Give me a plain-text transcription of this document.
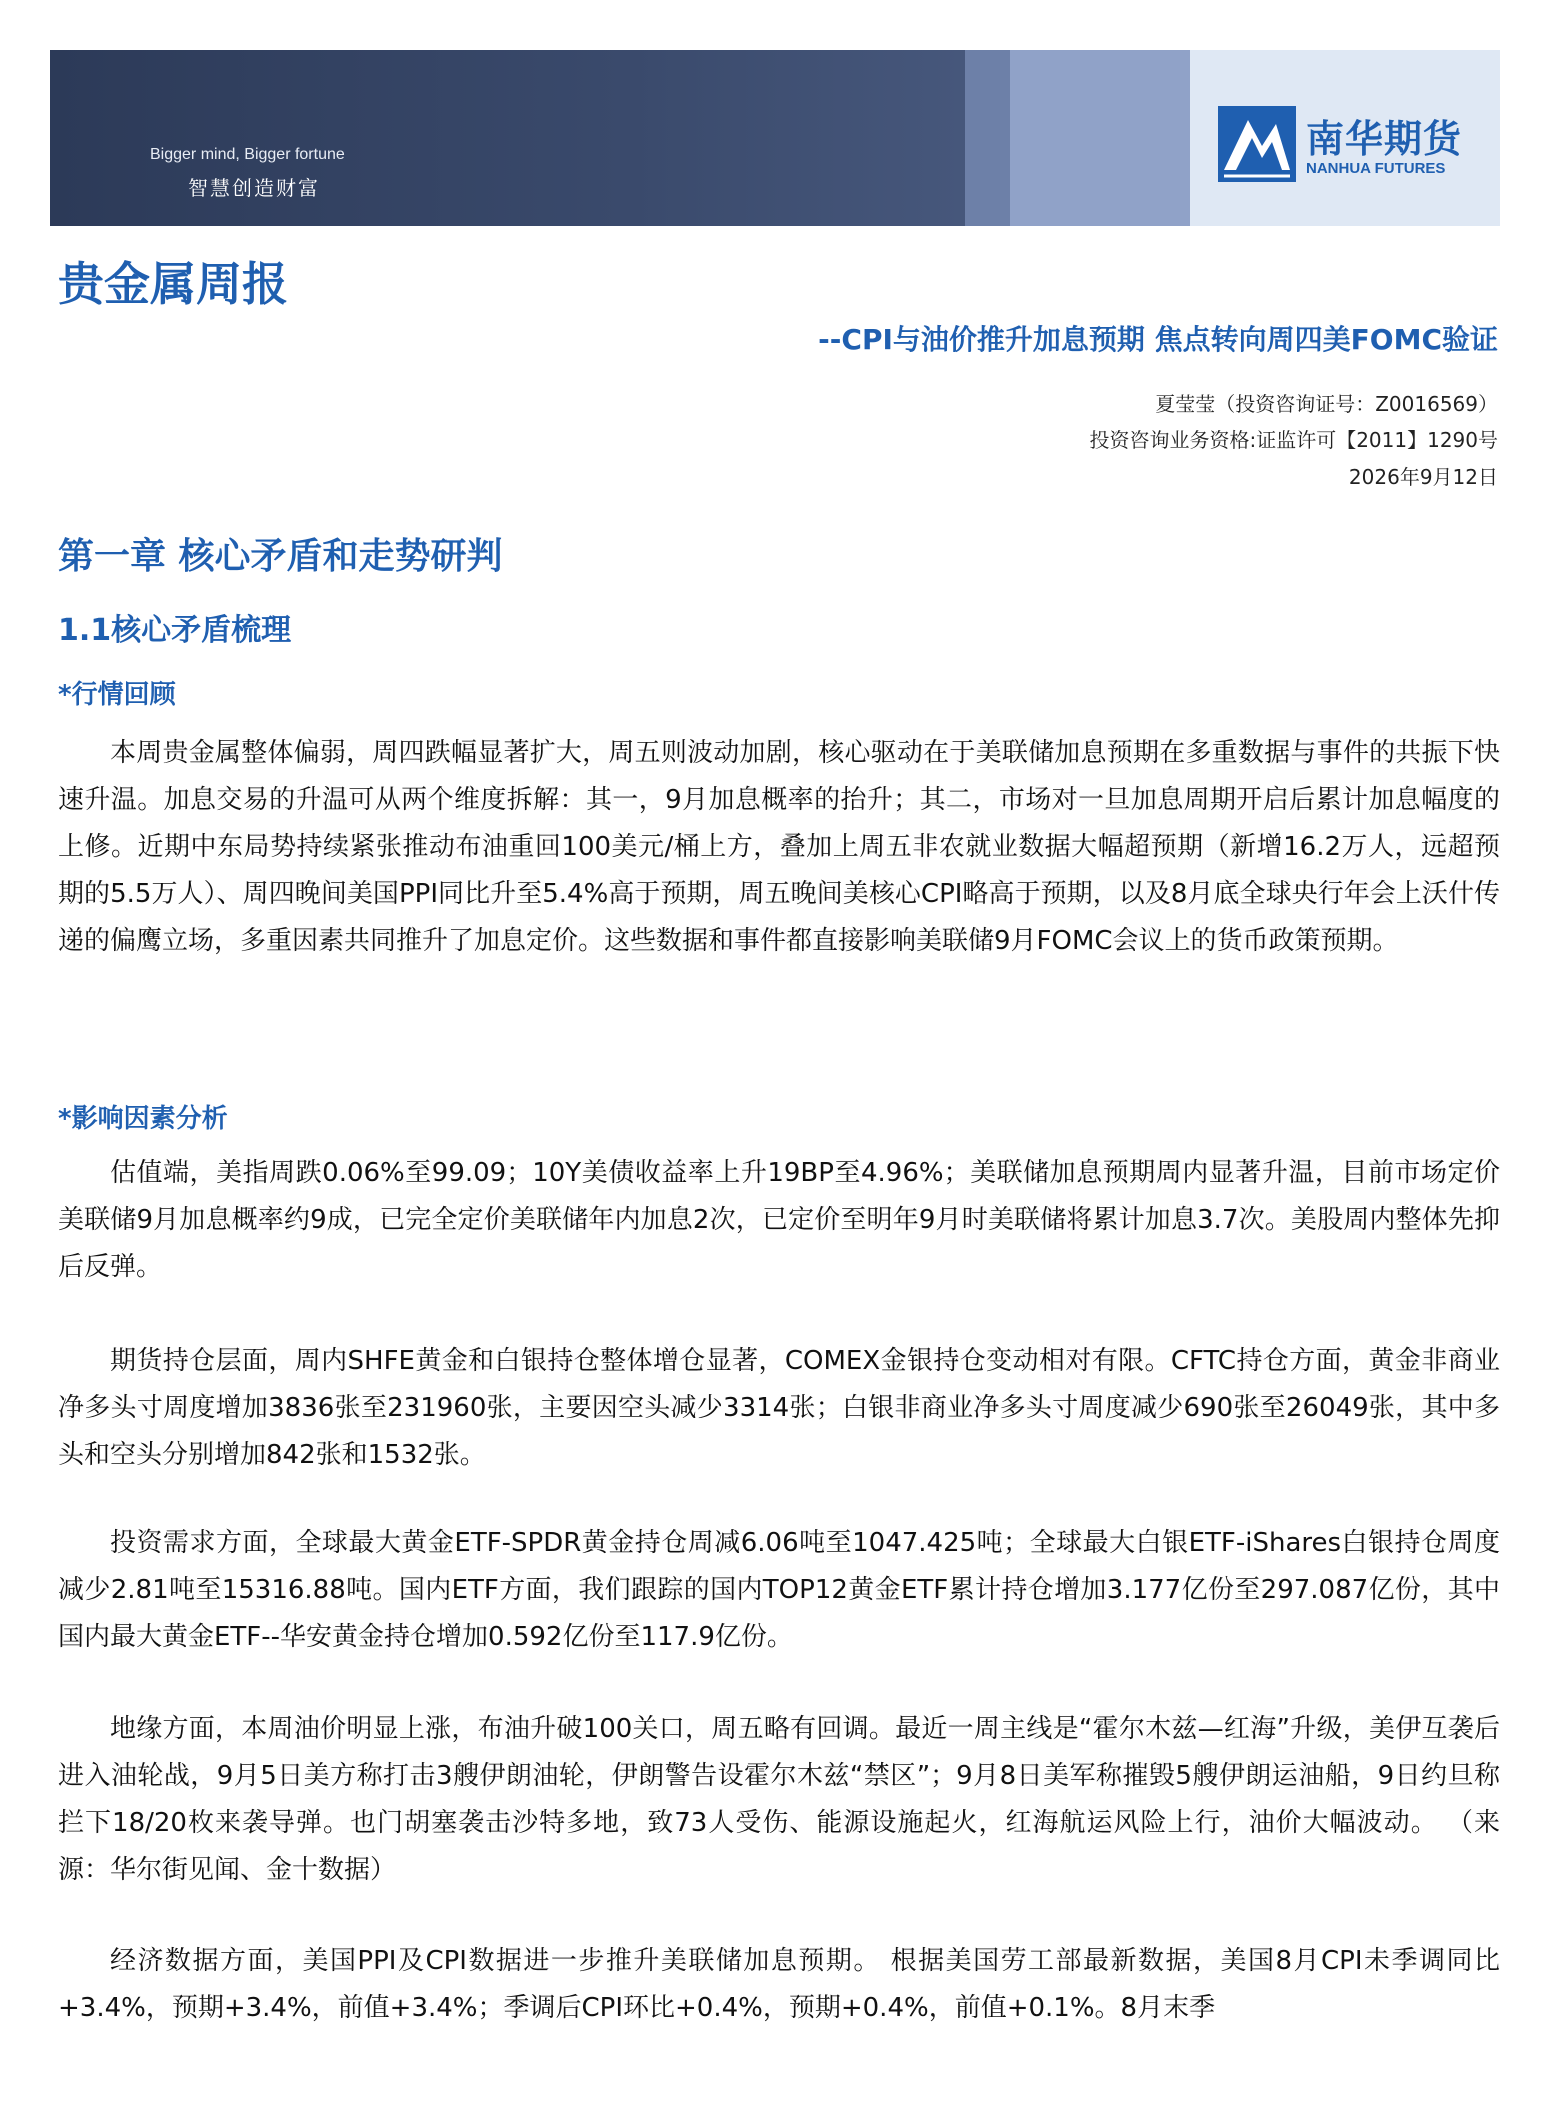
Bigger mind, Bigger fortune
智慧创造财富
南华期货
NANHUA FUTURES
贵金属周报
--CPI与油价推升加息预期 焦点转向周四美FOMC验证
夏莹莹（投资咨询证号：Z0016569）
投资咨询业务资格:证监许可【2011】1290号
2026年9月12日
第一章 核心矛盾和走势研判
1.1核心矛盾梳理
*行情回顾

本周贵金属整体偏弱，周四跌幅显著扩大，周五则波动加剧，核心驱动在于美联储加息预期在多重数据与事件的共振下快速升温。加息交易的升温可从两个维度拆解：其一，9月加息概率的抬升；其二，市场对一旦加息周期开启后累计加息幅度的上修。近期中东局势持续紧张推动布油重回100美元/桶上方，叠加上周五非农就业数据大幅超预期（新增16.2万人，远超预期的5.5万人）、周四晚间美国PPI同比升至5.4%高于预期，周五晚间美核心CPI略高于预期，以及8月底全球央行年会上沃什传递的偏鹰立场，多重因素共同推升了加息定价。这些数据和事件都直接影响美联储9月FOMC会议上的货币政策预期。

*影响因素分析

估值端，美指周跌0.06%至99.09；10Y美债收益率上升19BP至4.96%；美联储加息预期周内显著升温，目前市场定价美联储9月加息概率约9成，已完全定价美联储年内加息2次，已定价至明年9月时美联储将累计加息3.7次。美股周内整体先抑后反弹。

期货持仓层面，周内SHFE黄金和白银持仓整体增仓显著，COMEX金银持仓变动相对有限。CFTC持仓方面，黄金非商业净多头寸周度增加3836张至231960张，主要因空头减少3314张；白银非商业净多头寸周度减少690张至26049张，其中多头和空头分别增加842张和1532张。

投资需求方面，全球最大黄金ETF-SPDR黄金持仓周减6.06吨至1047.425吨；全球最大白银ETF-iShares白银持仓周度减少2.81吨至15316.88吨。国内ETF方面，我们跟踪的国内TOP12黄金ETF累计持仓增加3.177亿份至297.087亿份，其中国内最大黄金ETF--华安黄金持仓增加0.592亿份至117.9亿份。

地缘方面，本周油价明显上涨，布油升破100关口，周五略有回调。最近一周主线是“霍尔木兹—红海”升级，美伊互袭后进入油轮战，9月5日美方称打击3艘伊朗油轮，伊朗警告设霍尔木兹“禁区”；9月8日美军称摧毁5艘伊朗运油船，9日约旦称拦下18/20枚来袭导弹。也门胡塞袭击沙特多地，致73人受伤、能源设施起火，红海航运风险上行，油价大幅波动。 （来源：华尔街见闻、金十数据）

经济数据方面，美国PPI及CPI数据进一步推升美联储加息预期。 根据美国劳工部最新数据，美国8月CPI未季调同比+3.4%，预期+3.4%，前值+3.4%；季调后CPI环比+0.4%，预期+0.4%，前值+0.1%。8月末季
